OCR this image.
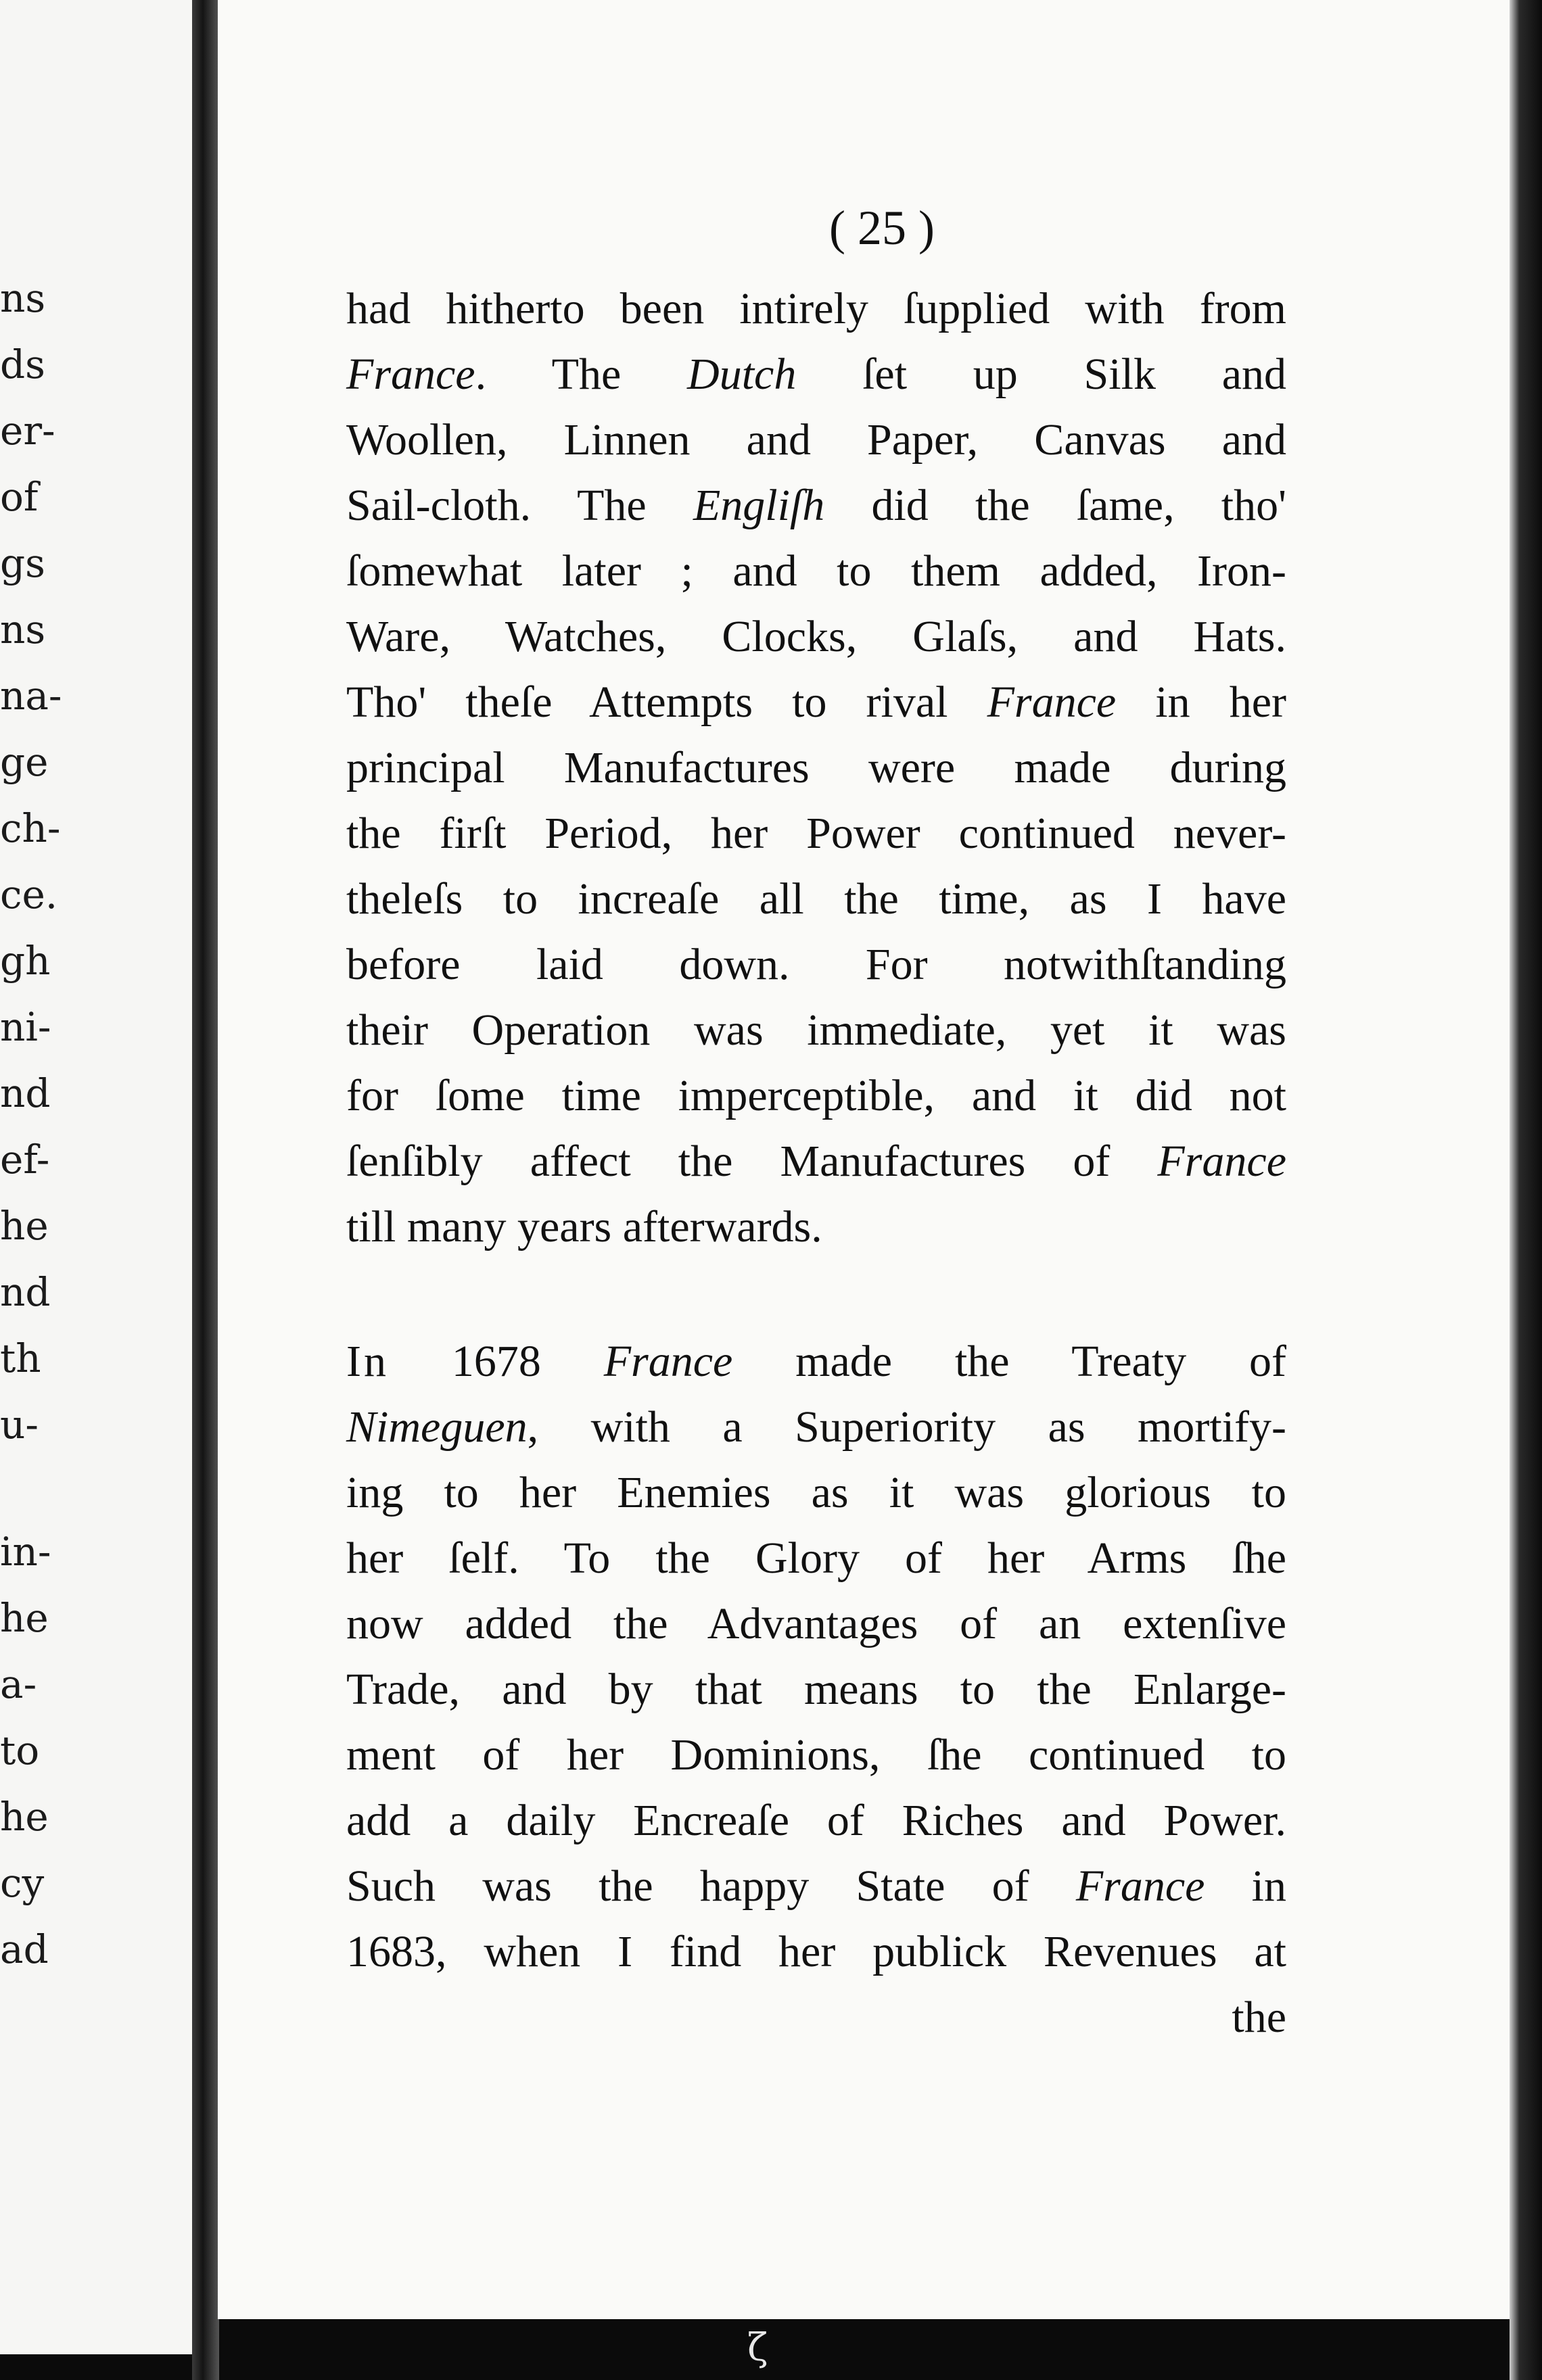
ns
ds
er-
of
gs
ns
na-
ge
ch-
ce.
gh
ni-
nd
ef-
he
nd
th
u-
in-
he
a-
to
he
cy
ad
( 25 )
had hitherto been intirely ſupplied with from
France. The Dutch ſet up Silk and
Woollen, Linnen and Paper, Canvas and
Sail-cloth. The Engliſh did the ſame, tho'
ſomewhat later ; and to them added, Iron-
Ware, Watches, Clocks, Glaſs, and Hats.
Tho' theſe Attempts to rival France in her
principal Manufactures were made during
the firſt Period, her Power continued never-
theleſs to increaſe all the time, as I have
before laid down. For notwithſtanding
their Operation was immediate, yet it was
for ſome time imperceptible, and it did not
ſenſibly affect the Manufactures of France
till many years afterwards.
In 1678 France made the Treaty of
Nimeguen, with a Superiority as mortify-
ing to her Enemies as it was glorious to
her ſelf. To the Glory of her Arms ſhe
now added the Advantages of an extenſive
Trade, and by that means to the Enlarge-
ment of her Dominions, ſhe continued to
add a daily Encreaſe of Riches and Power.
Such was the happy State of France in
1683, when I find her publick Revenues at
the
ζ
